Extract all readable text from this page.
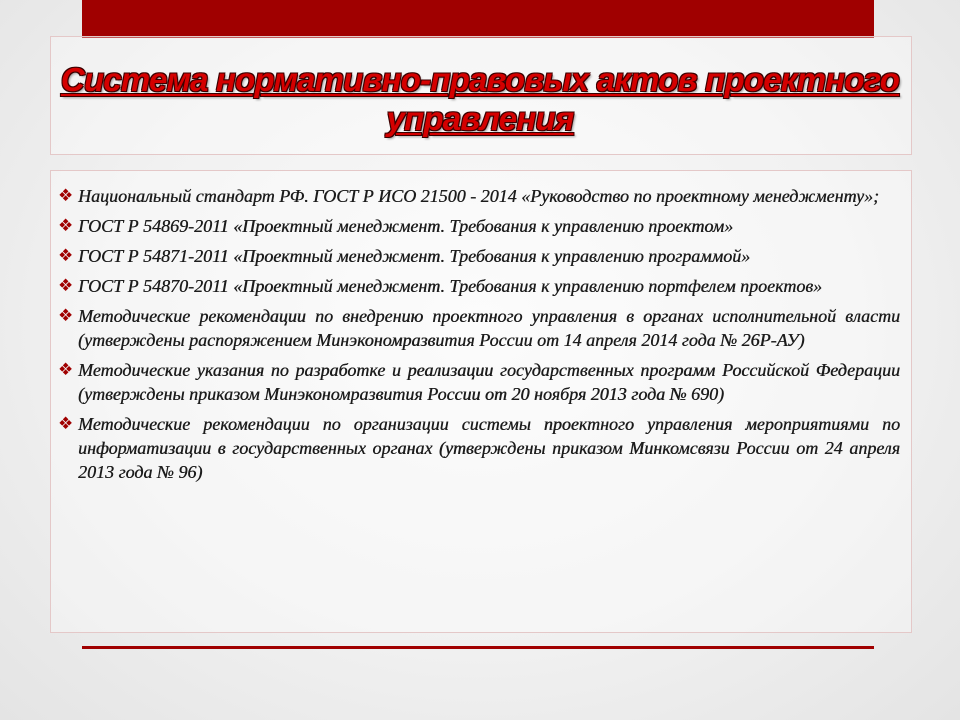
Система нормативно-правовых актов проектного управления
❖ Национальный стандарт РФ. ГОСТ Р ИСО 21500 - 2014 «Руководство по проектному менеджменту»;
❖ ГОСТ Р 54869-2011 «Проектный менеджмент. Требования к управлению проектом»
❖ ГОСТ Р 54871-2011 «Проектный менеджмент. Требования к управлению программой»
❖ ГОСТ Р 54870-2011 «Проектный менеджмент. Требования к управлению портфелем проектов»
❖ Методические рекомендации по внедрению проектного управления в органах исполнительной власти (утверждены распоряжением Минэкономразвития России от 14 апреля 2014 года № 26Р-АУ)
❖ Методические указания по разработке и реализации государственных программ Российской Федерации (утверждены приказом Минэкономразвития России от 20 ноября 2013 года № 690)
❖ Методические рекомендации по организации системы проектного управления мероприятиями по информатизации в государственных органах (утверждены приказом Минкомсвязи России от 24 апреля 2013 года № 96)
